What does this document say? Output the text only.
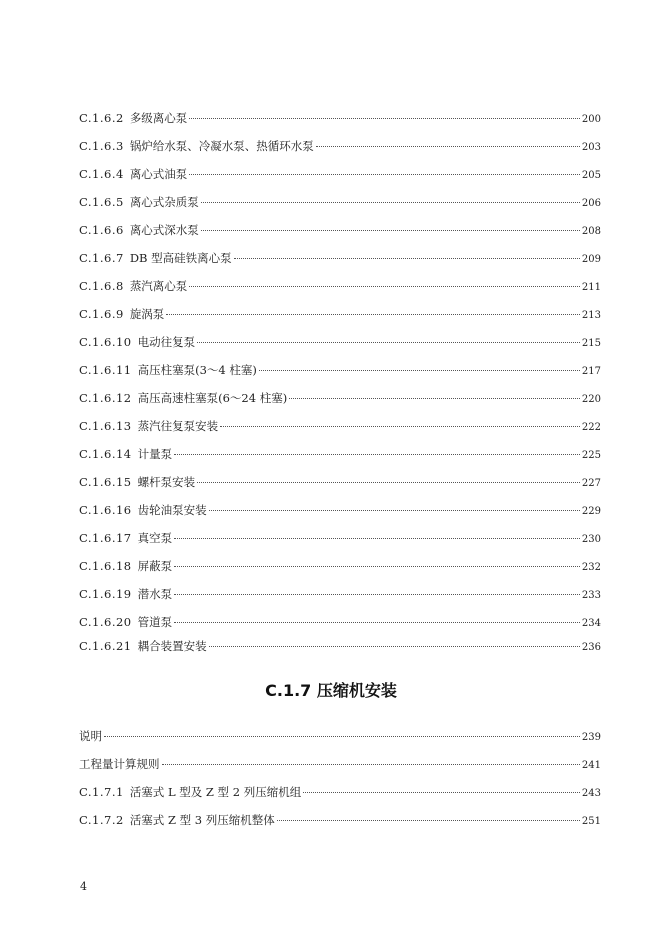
C.1.6.2 多级离心泵	200
C.1.6.3 锅炉给水泵、冷凝水泵、热循环水泵	203
C.1.6.4 离心式油泵	205
C.1.6.5 离心式杂质泵	206
C.1.6.6 离心式深水泵	208
C.1.6.7 DB 型高硅铁离心泵	209
C.1.6.8 蒸汽离心泵	211
C.1.6.9 旋涡泵	213
C.1.6.10 电动往复泵	215
C.1.6.11 高压柱塞泵(3～4 柱塞)	217
C.1.6.12 高压高速柱塞泵(6～24 柱塞)	220
C.1.6.13 蒸汽往复泵安装	222
C.1.6.14 计量泵	225
C.1.6.15 螺杆泵安装	227
C.1.6.16 齿轮油泵安装	229
C.1.6.17 真空泵	230
C.1.6.18 屏蔽泵	232
C.1.6.19 潜水泵	233
C.1.6.20 管道泵	234
C.1.6.21 耦合装置安装	236
C.1.7 压缩机安装
说明	239
工程量计算规则	241
C.1.7.1 活塞式 L 型及 Z 型 2 列压缩机组	243
C.1.7.2 活塞式 Z 型 3 列压缩机整体	251
4
